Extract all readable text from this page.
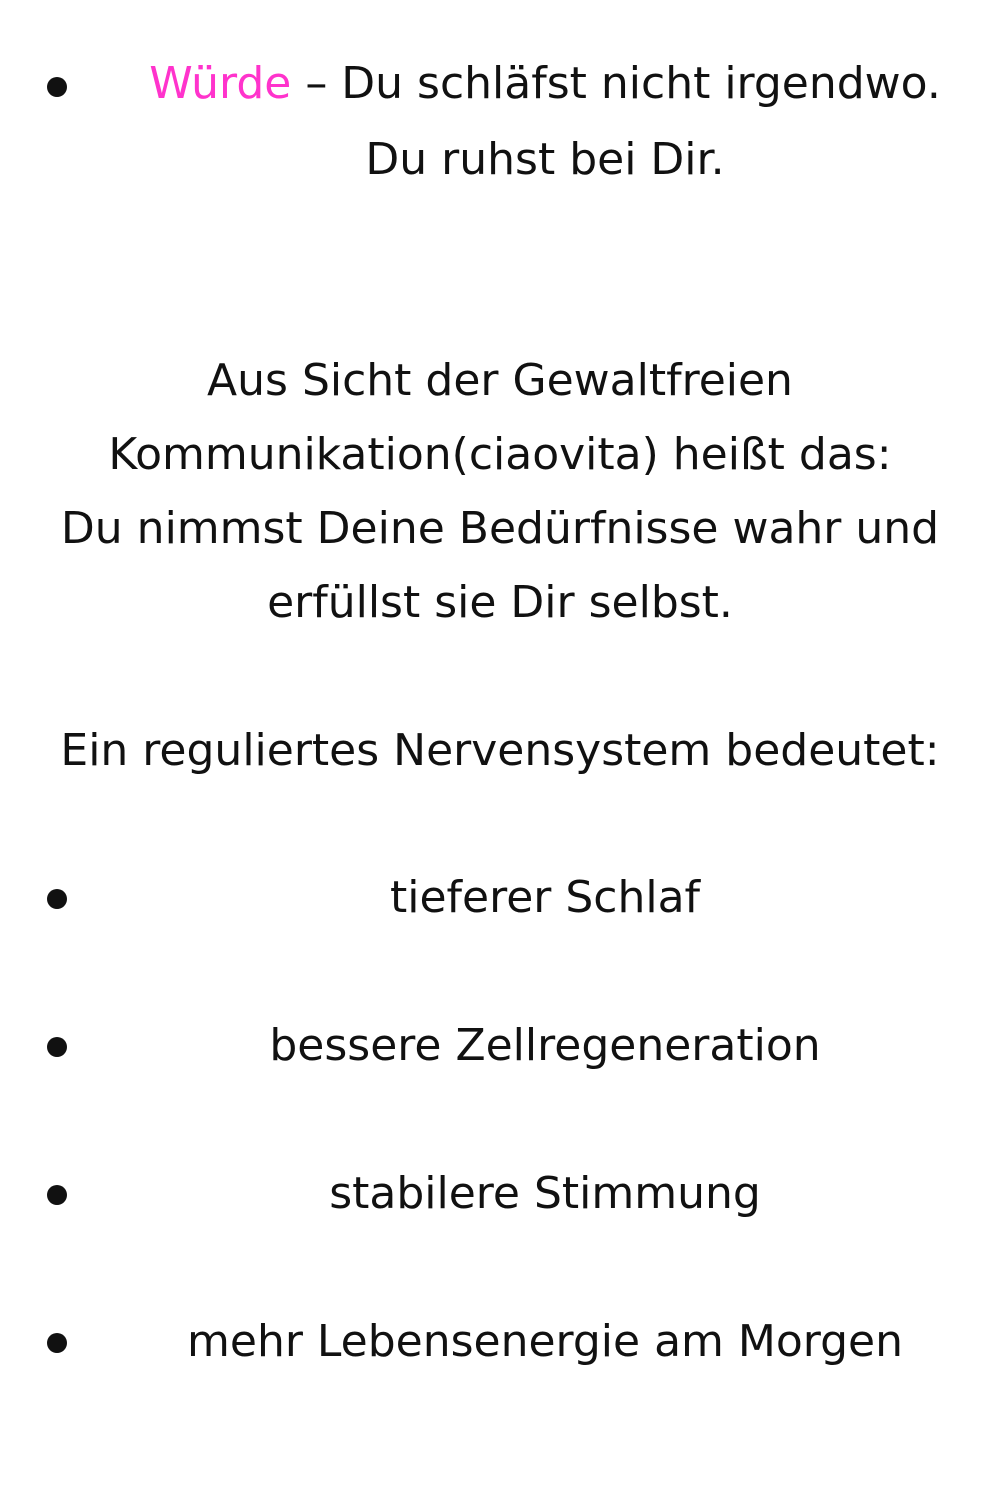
Würde – Du schläfst nicht irgendwo.
Du ruhst bei Dir.
Aus Sicht der Gewaltfreien
Kommunikation(ciaovita) heißt das:
Du nimmst Deine Bedürfnisse wahr und
erfüllst sie Dir selbst.
Ein reguliertes Nervensystem bedeutet:
tieferer Schlaf
bessere Zellregeneration
stabilere Stimmung
mehr Lebensenergie am Morgen
